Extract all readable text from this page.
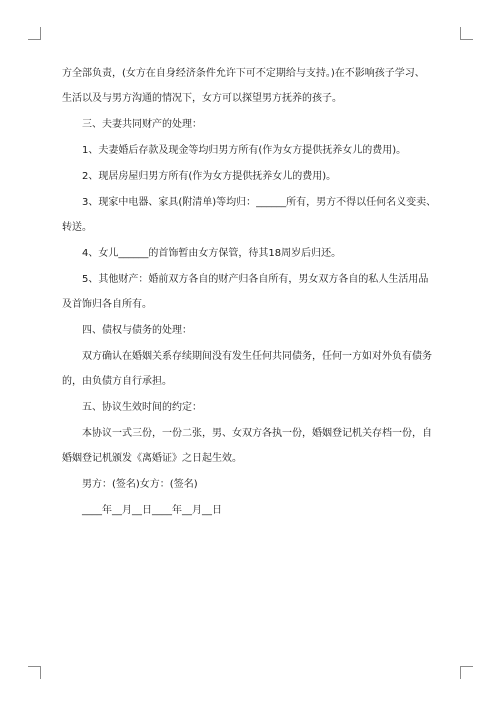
方全部负责，(女方在自身经济条件允许下可不定期给与支持。)在不影响孩子学习、
生活以及与男方沟通的情况下，女方可以探望男方抚养的孩子。
三、夫妻共同财产的处理：
1、夫妻婚后存款及现金等均归男方所有(作为女方提供抚养女儿的费用)。
2、现居房屋归男方所有(作为女方提供抚养女儿的费用)。
3、现家中电器、家具(附清单)等均归：______所有，男方不得以任何名义变卖、
转送。
4、女儿______的首饰暂由女方保管，待其18周岁后归还。
5、其他财产：婚前双方各自的财产归各自所有，男女双方各自的私人生活用品
及首饰归各自所有。
四、债权与债务的处理：
双方确认在婚姻关系存续期间没有发生任何共同债务，任何一方如对外负有债务
的，由负债方自行承担。
五、协议生效时间的约定：
本协议一式三份，一份二张，男、女双方各执一份，婚姻登记机关存档一份，自
婚姻登记机颁发《离婚证》之日起生效。
男方：(签名)女方：(签名)
____年__月__日____年__月__日
